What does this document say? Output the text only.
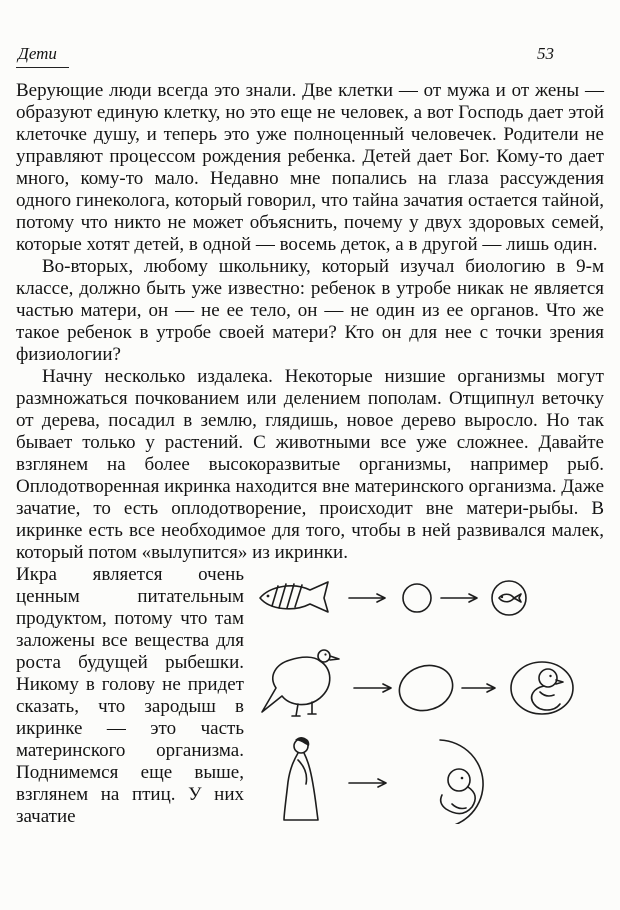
Дети	53

Верующие люди всегда это знали. Две клетки — от мужа и от жены — образуют единую клетку, но это еще не человек, а вот Господь дает этой клеточке душу, и теперь это уже полноценный человечек. Родители не управляют процессом рождения ребенка. Детей дает Бог. Кому-то дает много, кому-то мало. Недавно мне попались на глаза рассуждения одного гинеколога, который говорил, что тайна зачатия остается тайной, потому что никто не может объяснить, почему у двух здоровых семей, которые хотят детей, в одной — восемь деток, а в другой — лишь один.

Во-вторых, любому школьнику, который изучал биологию в 9-м классе, должно быть уже известно: ребенок в утробе никак не является частью матери, он — не ее тело, он — не один из ее органов. Что же такое ребенок в утробе своей матери? Кто он для нее с точки зрения физиологии?

Начну несколько издалека. Некоторые низшие организмы могут размножаться почкованием или делением пополам. Отщипнул веточку от дерева, посадил в землю, глядишь, новое дерево выросло. Но так бывает только у растений. С животными все уже сложнее. Давайте взглянем на более высокоразвитые организмы, например рыб. Оплодотворенная икринка находится вне материнского организма. Даже зачатие, то есть оплодотворение, происходит вне матери-рыбы. В икринке есть все необходимое для того, чтобы в ней развивался малек, который потом «вылупится» из икринки.

Икра является очень ценным питательным продуктом, потому что там заложены все вещества для роста будущей рыбешки. Никому в голову не придет сказать, что зародыш в икринке — это часть материнского организма. Поднимемся еще выше, взглянем на птиц. У них зачатие
